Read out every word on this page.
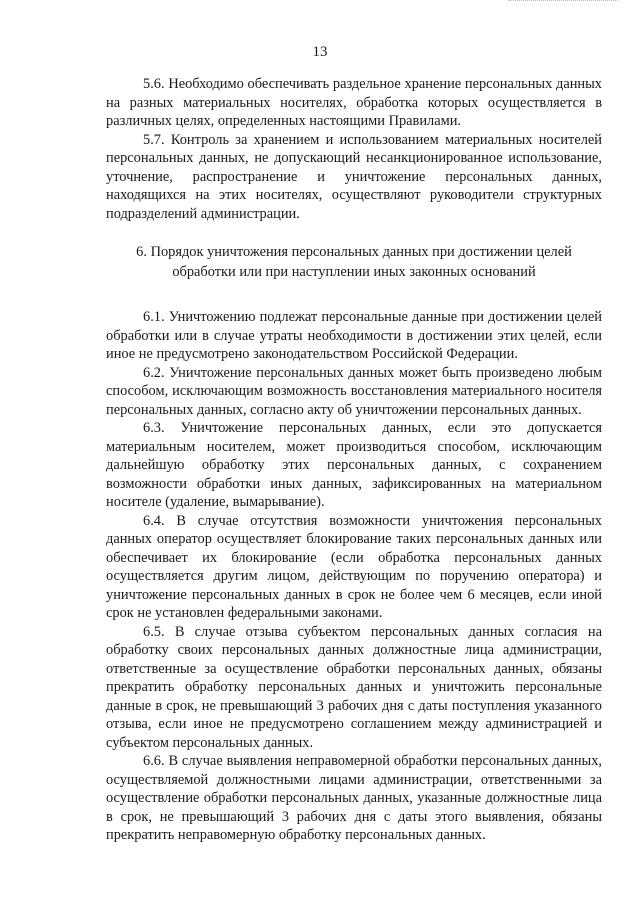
13

5.6. Необходимо обеспечивать раздельное хранение персональных данных на разных материальных носителях, обработка которых осуществляется в различных целях, определенных настоящими Правилами.

5.7. Контроль за хранением и использованием материальных носителей персональных данных, не допускающий несанкционированное использование, уточнение, распространение и уничтожение персональных данных, находящихся на этих носителях, осуществляют руководители структурных подразделений администрации.

6. Порядок уничтожения персональных данных при достижении целей
обработки или при наступлении иных законных оснований

6.1. Уничтожению подлежат персональные данные при достижении целей обработки или в случае утраты необходимости в достижении этих целей, если иное не предусмотрено законодательством Российской Федерации.

6.2. Уничтожение персональных данных может быть произведено любым способом, исключающим возможность восстановления материального носителя персональных данных, согласно акту об уничтожении персональных данных.

6.3. Уничтожение персональных данных, если это допускается материальным носителем, может производиться способом, исключающим дальнейшую обработку этих персональных данных, с сохранением возможности обработки иных данных, зафиксированных на материальном носителе (удаление, вымарывание).

6.4. В случае отсутствия возможности уничтожения персональных данных оператор осуществляет блокирование таких персональных данных или обеспечивает их блокирование (если обработка персональных данных осуществляется другим лицом, действующим по поручению оператора) и уничтожение персональных данных в срок не более чем 6 месяцев, если иной срок не установлен федеральными законами.

6.5. В случае отзыва субъектом персональных данных согласия на обработку своих персональных данных должностные лица администрации, ответственные за осуществление обработки персональных данных, обязаны прекратить обработку персональных данных и уничтожить персональные данные в срок, не превышающий 3 рабочих дня с даты поступления указанного отзыва, если иное не предусмотрено соглашением между администрацией и субъектом персональных данных.

6.6. В случае выявления неправомерной обработки персональных данных, осуществляемой должностными лицами администрации, ответственными за осуществление обработки персональных данных, указанные должностные лица в срок, не превышающий 3 рабочих дня с даты этого выявления, обязаны прекратить неправомерную обработку персональных данных.
